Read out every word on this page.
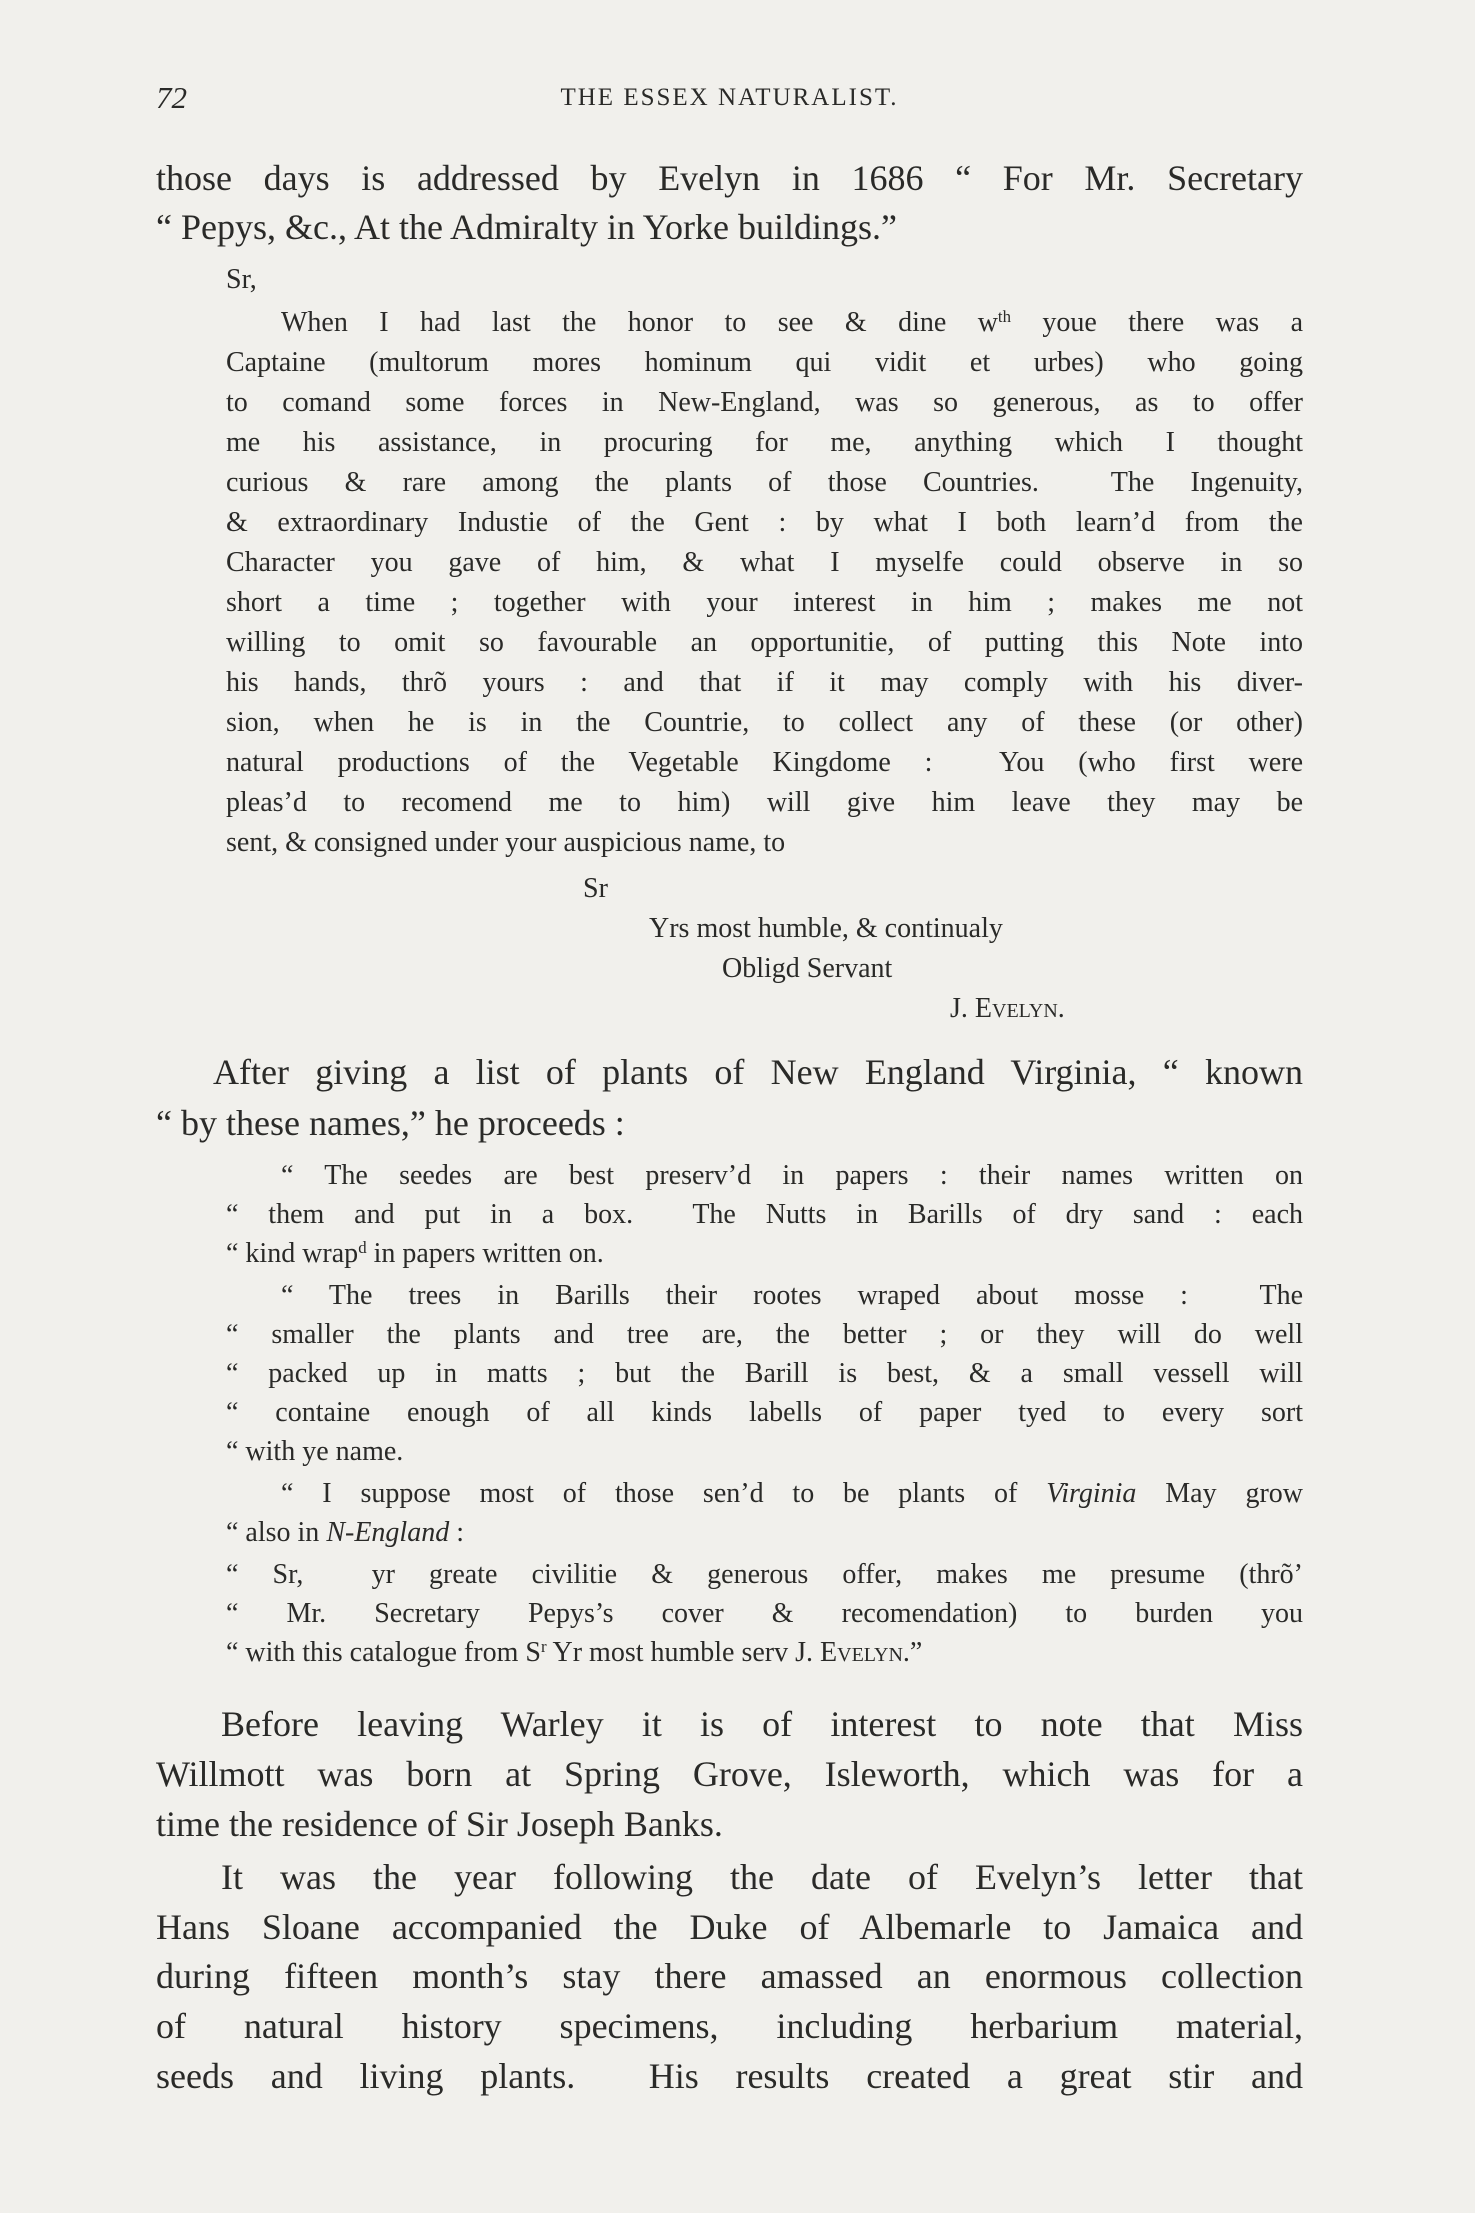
72	THE ESSEX NATURALIST.
those days is addressed by Evelyn in 1686 “ For Mr. Secretary
“ Pepys, &c., At the Admiralty in Yorke buildings.”
Sr,
When I had last the honor to see & dine $w^{th}$ youe there was a
Captaine (multorum mores hominum qui vidit et urbes) who going
to comand some forces in New-England, was so generous, as to offer
me his assistance, in procuring for me, anything which I thought
curious & rare among the plants of those Countries.  The Ingenuity,
& extraordinary Industie of the Gent : by what I both learn’d from the
Character you gave of him, & what I myselfe could observe in so
short a time ; together with your interest in him ; makes me not
willing to omit so favourable an opportunitie, of putting this Note into
his hands, thrõ yours : and that if it may comply with his diver-
sion, when he is in the Countrie, to collect any of these (or other)
natural productions of the Vegetable Kingdome :  You (who first were
pleas’d to recomend me to him) will give him leave they may be
sent, & consigned under your auspicious name, to
Sr
Yrs most humble, & continualy
Obligd Servant
J. Evelyn.
After giving a list of plants of New England Virginia, “ known
“ by these names,” he proceeds :
“ The seedes are best preserv’d in papers : their names written on
“ them and put in a box.  The Nutts in Barills of dry sand : each
“ kind wrap$^d$ in papers written on.
“ The trees in Barills their rootes wraped about mosse :  The
“ smaller the plants and tree are, the better ; or they will do well
“ packed up in matts ; but the Barill is best, & a small vessell will
“ containe enough of all kinds labells of paper tyed to every sort
“ with ye name.
“ I suppose most of those sen’d to be plants of Virginia May grow
“ also in N-England :
“ Sr,  yr greate civilitie & generous offer, makes me presume (thrõ’
“ Mr. Secretary Pepys’s cover & recomendation) to burden you
“ with this catalogue from $S^r$ Yr most humble serv J. Evelyn.”
Before leaving Warley it is of interest to note that Miss
Willmott was born at Spring Grove, Isleworth, which was for a
time the residence of Sir Joseph Banks.
It was the year following the date of Evelyn’s letter that
Hans Sloane accompanied the Duke of Albemarle to Jamaica and
during fifteen month’s stay there amassed an enormous collection
of natural history specimens, including herbarium material,
seeds and living plants.  His results created a great stir and
